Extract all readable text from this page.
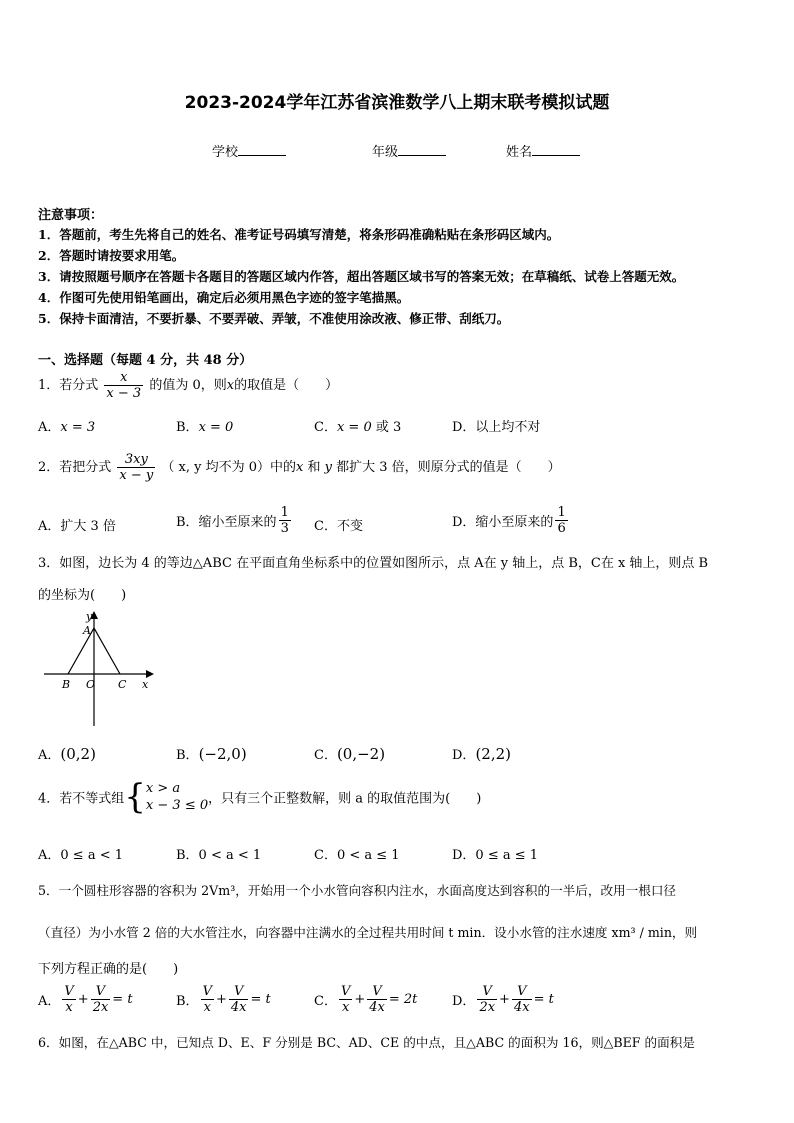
2023-2024学年江苏省滨淮数学八上期末联考模拟试题
学校	年级	姓名
注意事项：
1．答题前，考生先将自己的姓名、准考证号码填写清楚，将条形码准确粘贴在条形码区域内。
2．答题时请按要求用笔。
3．请按照题号顺序在答题卡各题目的答题区域内作答，超出答题区域书写的答案无效；在草稿纸、试卷上答题无效。
4．作图可先使用铅笔画出，确定后必须用黑色字迹的签字笔描黑。
5．保持卡面清洁，不要折暴、不要弄破、弄皱，不准使用涂改液、修正带、刮纸刀。
一、选择题（每题 4 分，共 48 分）
1．若分式 $\frac{x}{x - 3}$ 的值为 0，则x的取值是（　　）
A．x = 3	B．x = 0	C．x = 0 或 3	D．以上均不对
2．若把分式 $\frac{3xy}{x - y}$ （ x, y 均不为 0）中的x 和 y 都扩大 3 倍，则原分式的值是（　　）
A．扩大 3 倍	B．缩小至原来的 $\frac{1}{3}$ C．不变	D．缩小至原来的 $\frac{1}{6}$
3．如图，边长为 4 的等边△ABC 在平面直角坐标系中的位置如图所示，点 A在 y 轴上，点 B，C在 x 轴上，则点 B
的坐标为(　　)
y
A
B O C x
A．(0,2)	B．(−2,0)	C．(0,−2)	D．(2,2)
4．若不等式组{ x > a
x − 3 ≤ 0 ，只有三个正整数解，则 a 的取值范围为(　　)
A．0 ≤ a < 1	B．0 < a < 1	C．0 < a ≤ 1	D．0 ≤ a ≤ 1
5．一个圆柱形容器的容积为 2Vm³，开始用一个小水管向容积内注水，水面高度达到容积的一半后，改用一根口径
（直径）为小水管 2 倍的大水管注水，向容器中注满水的全过程共用时间 t min．设小水管的注水速度 xm³ / min，则
下列方程正确的是(　　)
A． $\frac{V}{x} + \frac{V}{2x} = t$	B． $\frac{V}{x} + \frac{V}{4x} = t$	C． $\frac{V}{x} + \frac{V}{4x} = 2t$	D． $\frac{V}{2x} + \frac{V}{4x} = t$
6．如图，在△ABC 中，已知点 D、E、F 分别是 BC、AD、CE 的中点，且△ABC 的面积为 16，则△BEF 的面积是
